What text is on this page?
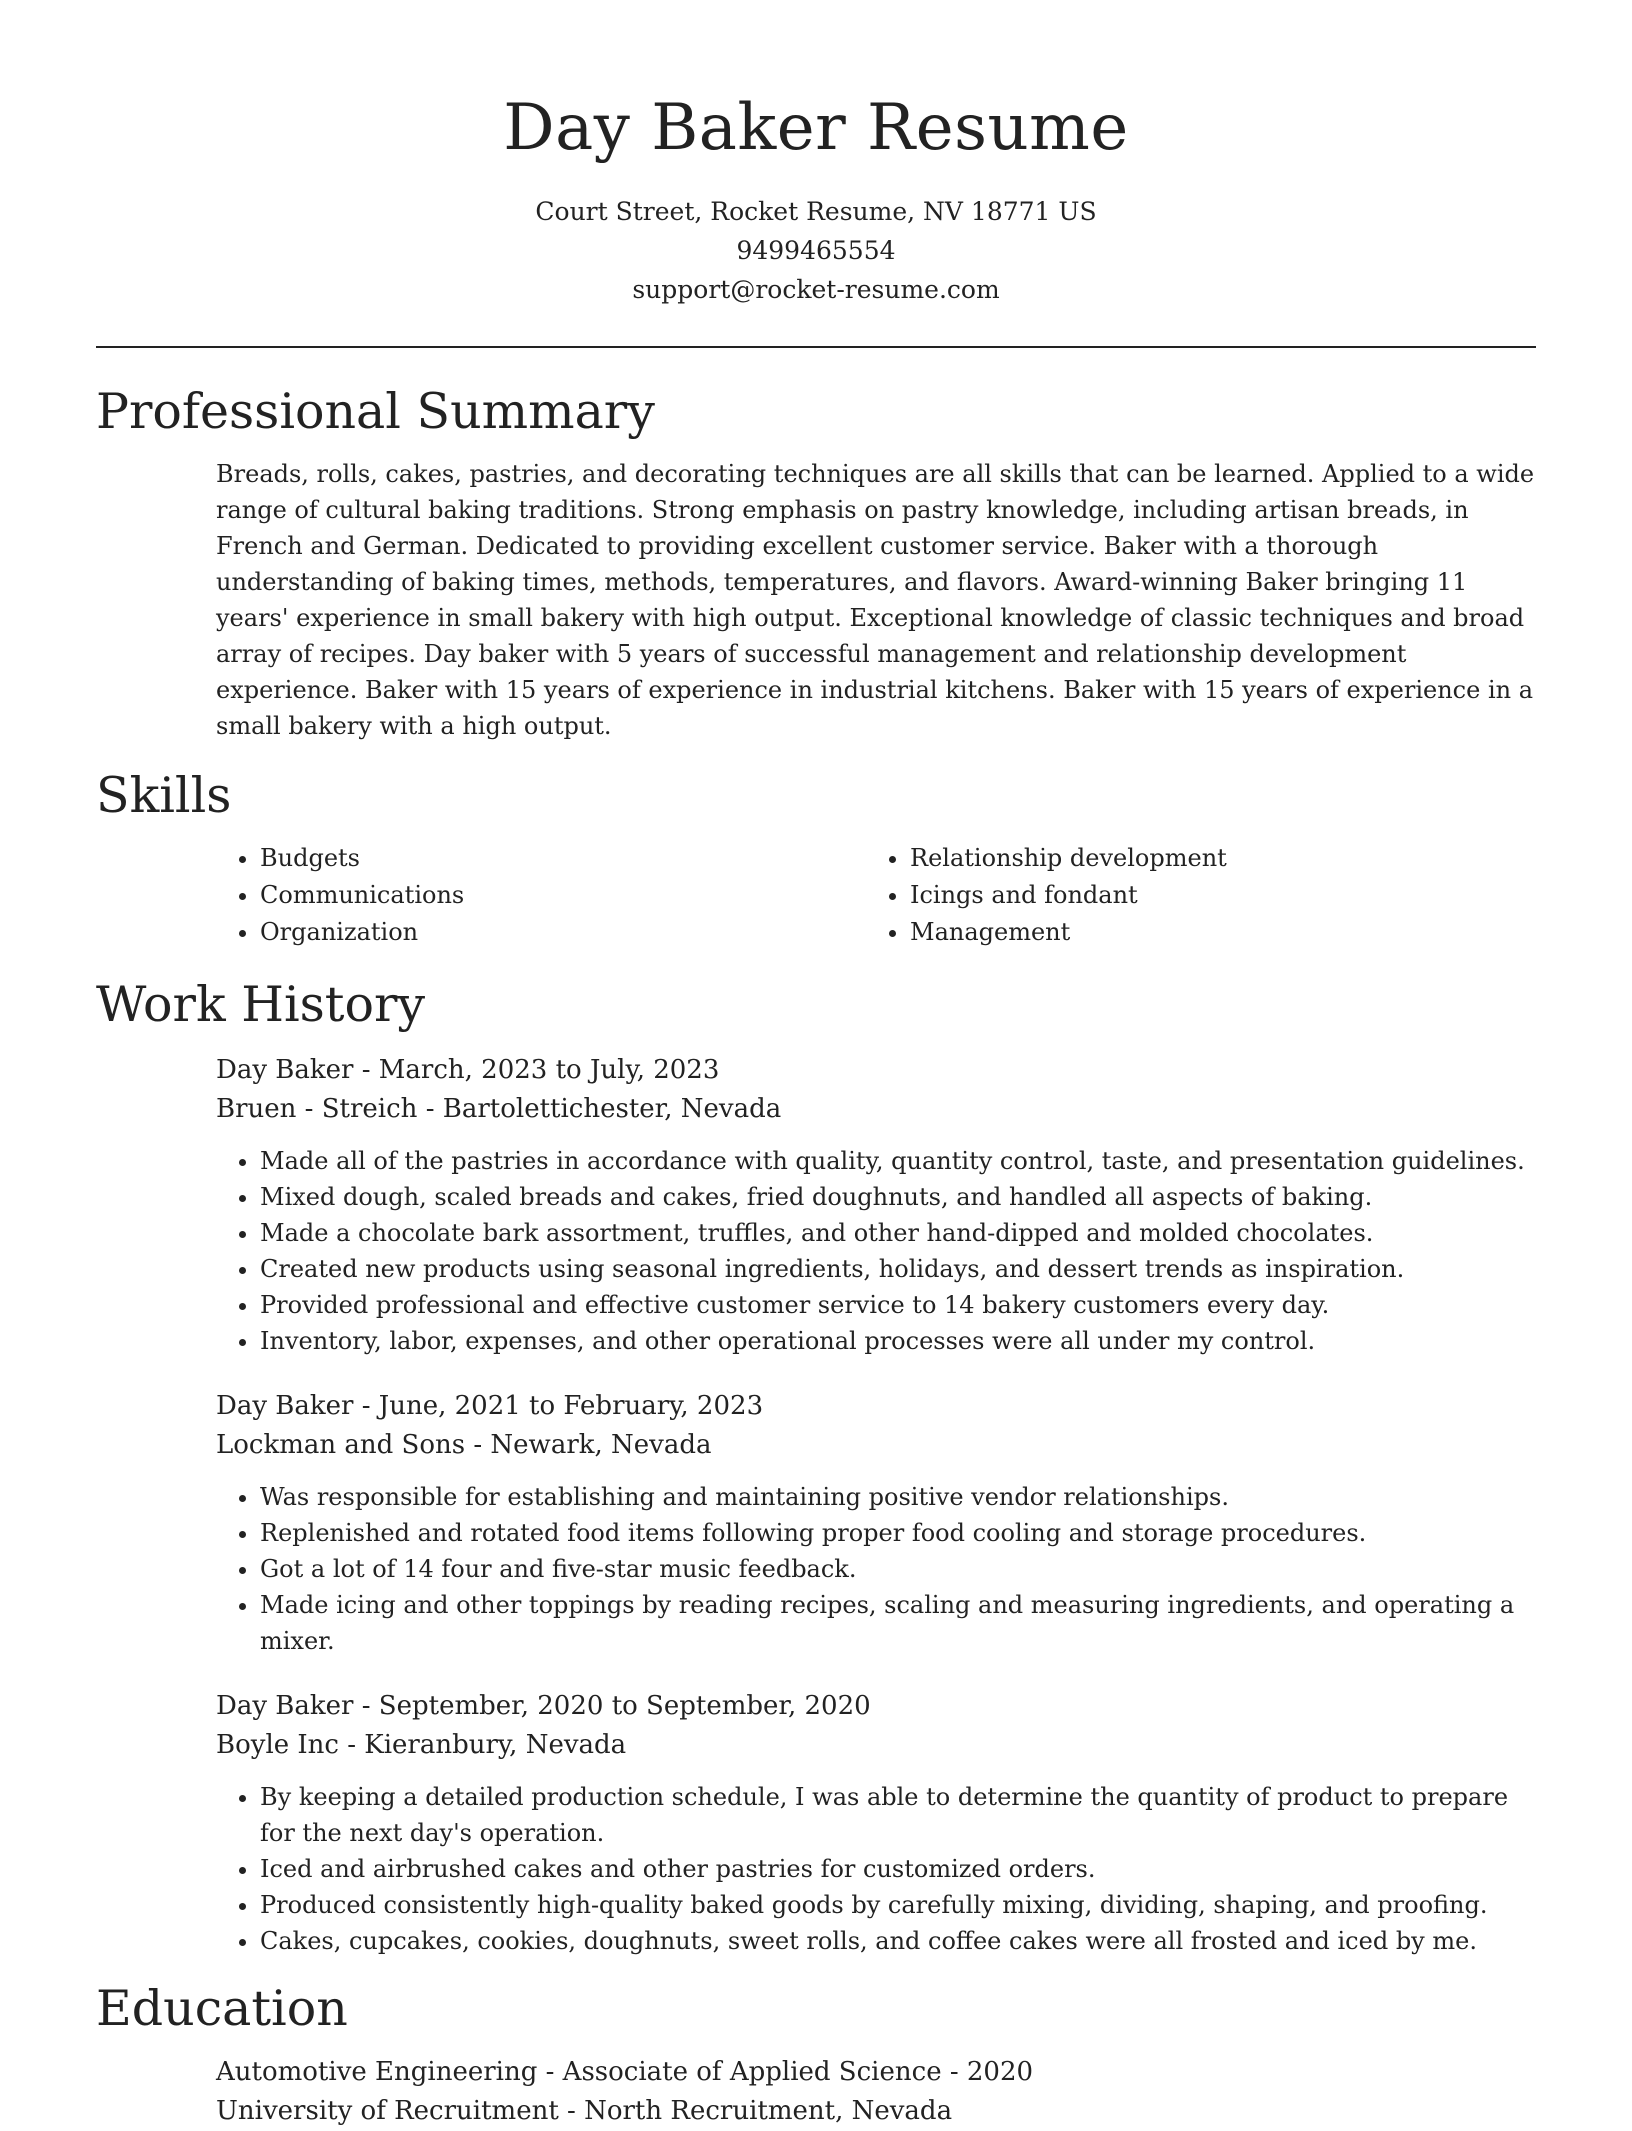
Day Baker Resume
Court Street, Rocket Resume, NV 18771 US
9499465554
support@rocket-resume.com
Professional Summary

Breads, rolls, cakes, pastries, and decorating techniques are all skills that can be learned. Applied to a wide range of cultural baking traditions. Strong emphasis on pastry knowledge, including artisan breads, in French and German. Dedicated to providing excellent customer service. Baker with a thorough understanding of baking times, methods, temperatures, and flavors. Award-winning Baker bringing 11 years' experience in small bakery with high output. Exceptional knowledge of classic techniques and broad array of recipes. Day baker with 5 years of successful management and relationship development experience. Baker with 15 years of experience in industrial kitchens. Baker with 15 years of experience in a small bakery with a high output.

Skills
• Budgets
• Communications
• Organization
• Relationship development
• Icings and fondant
• Management
Work History
Day Baker - March, 2023 to July, 2023
Bruen - Streich - Bartolettichester, Nevada
• Made all of the pastries in accordance with quality, quantity control, taste, and presentation guidelines.
• Mixed dough, scaled breads and cakes, fried doughnuts, and handled all aspects of baking.
• Made a chocolate bark assortment, truffles, and other hand-dipped and molded chocolates.
• Created new products using seasonal ingredients, holidays, and dessert trends as inspiration.
• Provided professional and effective customer service to 14 bakery customers every day.
• Inventory, labor, expenses, and other operational processes were all under my control.
Day Baker - June, 2021 to February, 2023
Lockman and Sons - Newark, Nevada
• Was responsible for establishing and maintaining positive vendor relationships.
• Replenished and rotated food items following proper food cooling and storage procedures.
• Got a lot of 14 four and five-star music feedback.
• Made icing and other toppings by reading recipes, scaling and measuring ingredients, and operating a mixer.
Day Baker - September, 2020 to September, 2020
Boyle Inc - Kieranbury, Nevada
• By keeping a detailed production schedule, I was able to determine the quantity of product to prepare for the next day's operation.
• Iced and airbrushed cakes and other pastries for customized orders.
• Produced consistently high-quality baked goods by carefully mixing, dividing, shaping, and proofing.
• Cakes, cupcakes, cookies, doughnuts, sweet rolls, and coffee cakes were all frosted and iced by me.
Education
Automotive Engineering - Associate of Applied Science - 2020
University of Recruitment - North Recruitment, Nevada
